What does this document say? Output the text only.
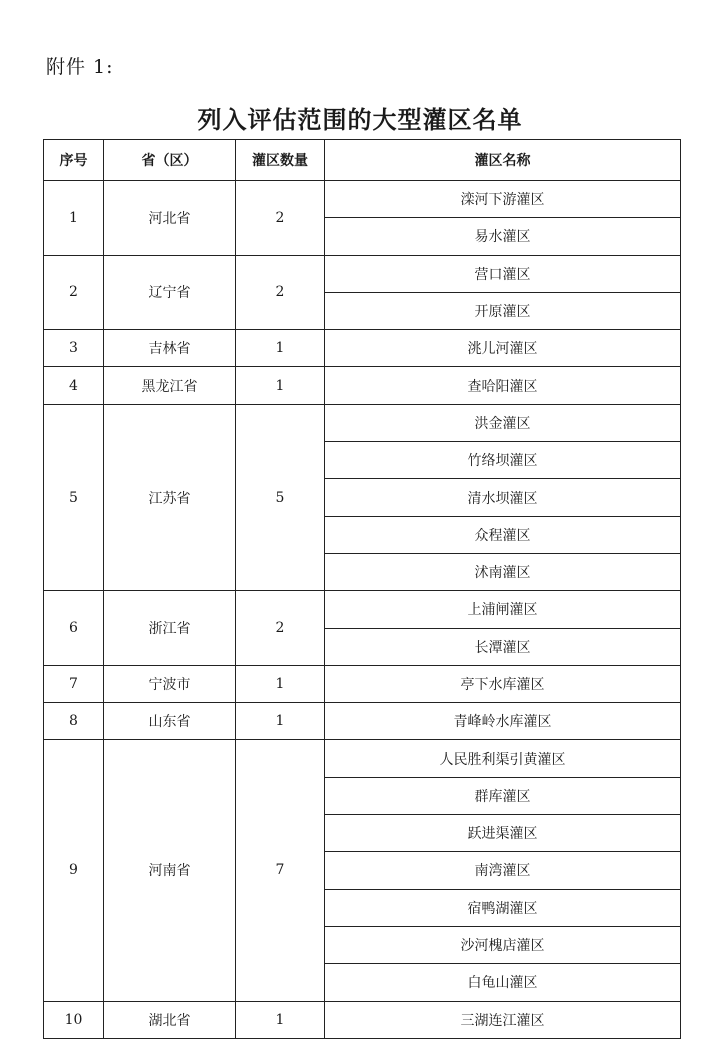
附件 1:
列入评估范围的大型灌区名单
序号	省（区）	灌区数量	灌区名称
1	河北省	2	滦河下游灌区
			易水灌区
2	辽宁省	2	营口灌区
			开原灌区
3	吉林省	1	洮儿河灌区
4	黑龙江省	1	查哈阳灌区
5	江苏省	5	洪金灌区
			竹络坝灌区
			清水坝灌区
			众程灌区
			沭南灌区
6	浙江省	2	上浦闸灌区
			长潭灌区
7	宁波市	1	亭下水库灌区
8	山东省	1	青峰岭水库灌区
9	河南省	7	人民胜利渠引黄灌区
			群库灌区
			跃进渠灌区
			南湾灌区
			宿鸭湖灌区
			沙河槐店灌区
			白龟山灌区
10	湖北省	1	三湖连江灌区
